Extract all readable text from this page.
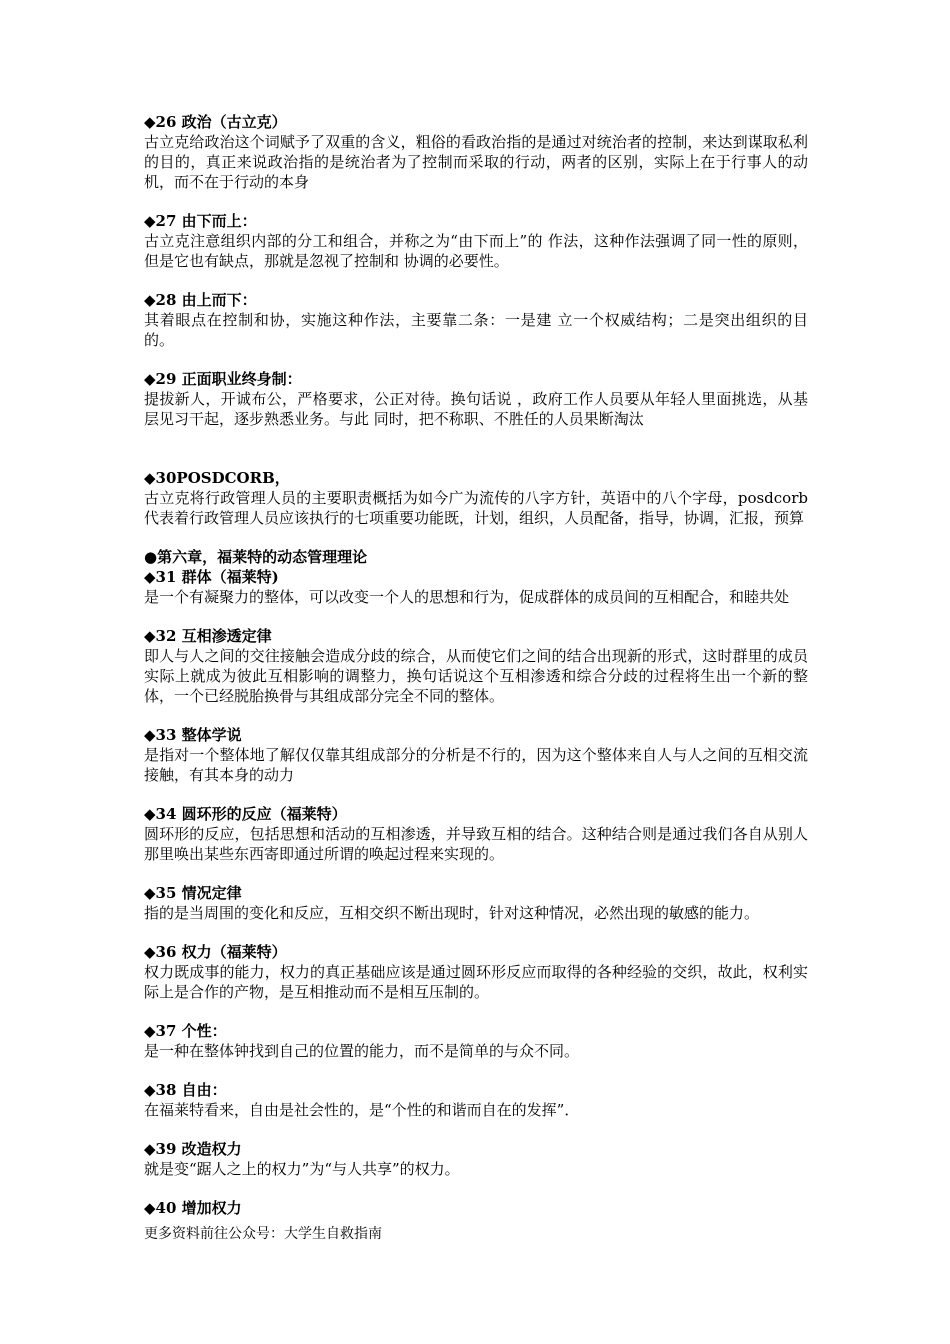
◆26 政治（古立克）
古立克给政治这个词赋予了双重的含义，粗俗的看政治指的是通过对统治者的控制，来达到谋取私利的目的，真正来说政治指的是统治者为了控制而采取的行动，两者的区别，实际上在于行事人的动机，而不在于行动的本身
◆27 由下而上：
古立克注意组织内部的分工和组合，并称之为“由下而上”的 作法，这种作法强调了同一性的原则，但是它也有缺点，那就是忽视了控制和 协调的必要性。
◆28 由上而下：
其着眼点在控制和协，实施这种作法，主要靠二条：一是建 立一个权威结构；二是突出组织的目的。
◆29 正面职业终身制：
提拔新人，开诚布公，严格要求，公正对待。换句话说 ，政府工作人员要从年轻人里面挑选，从基层见习干起，逐步熟悉业务。与此 同时，把不称职、不胜任的人员果断淘汰
◆30POSDCORB，
古立克将行政管理人员的主要职责概括为如今广为流传的八字方针，英语中的八个字母，posdcorb 代表着行政管理人员应该执行的七项重要功能既，计划，组织，人员配备，指导，协调，汇报，预算
●第六章，福莱特的动态管理理论
◆31 群体（福莱特)
是一个有凝聚力的整体，可以改变一个人的思想和行为，促成群体的成员间的互相配合，和睦共处
◆32 互相渗透定律
即人与人之间的交往接触会造成分歧的综合，从而使它们之间的结合出现新的形式，这时群里的成员实际上就成为彼此互相影响的调整力，换句话说这个互相渗透和综合分歧的过程将生出一个新的整体，一个已经脱胎换骨与其组成部分完全不同的整体。
◆33 整体学说
是指对一个整体地了解仅仅靠其组成部分的分析是不行的，因为这个整体来自人与人之间的互相交流接触，有其本身的动力
◆34 圆环形的反应（福莱特）
圆环形的反应，包括思想和活动的互相渗透，并导致互相的结合。这种结合则是通过我们各自从别人那里唤出某些东西寄即通过所谓的唤起过程来实现的。
◆35 情况定律
指的是当周围的变化和反应，互相交织不断出现时，针对这种情况，必然出现的敏感的能力。
◆36 权力（福莱特）
权力既成事的能力，权力的真正基础应该是通过圆环形反应而取得的各种经验的交织，故此，权利实际上是合作的产物，是互相推动而不是相互压制的。
◆37 个性：
是一种在整体钟找到自己的位置的能力，而不是简单的与众不同。
◆38 自由：
在福莱特看来，自由是社会性的，是“个性的和谐而自在的发挥”．
◆39 改造权力
就是变“踞人之上的权力”为“与人共享”的权力。
◆40 增加权力
更多资料前往公众号：大学生自救指南
